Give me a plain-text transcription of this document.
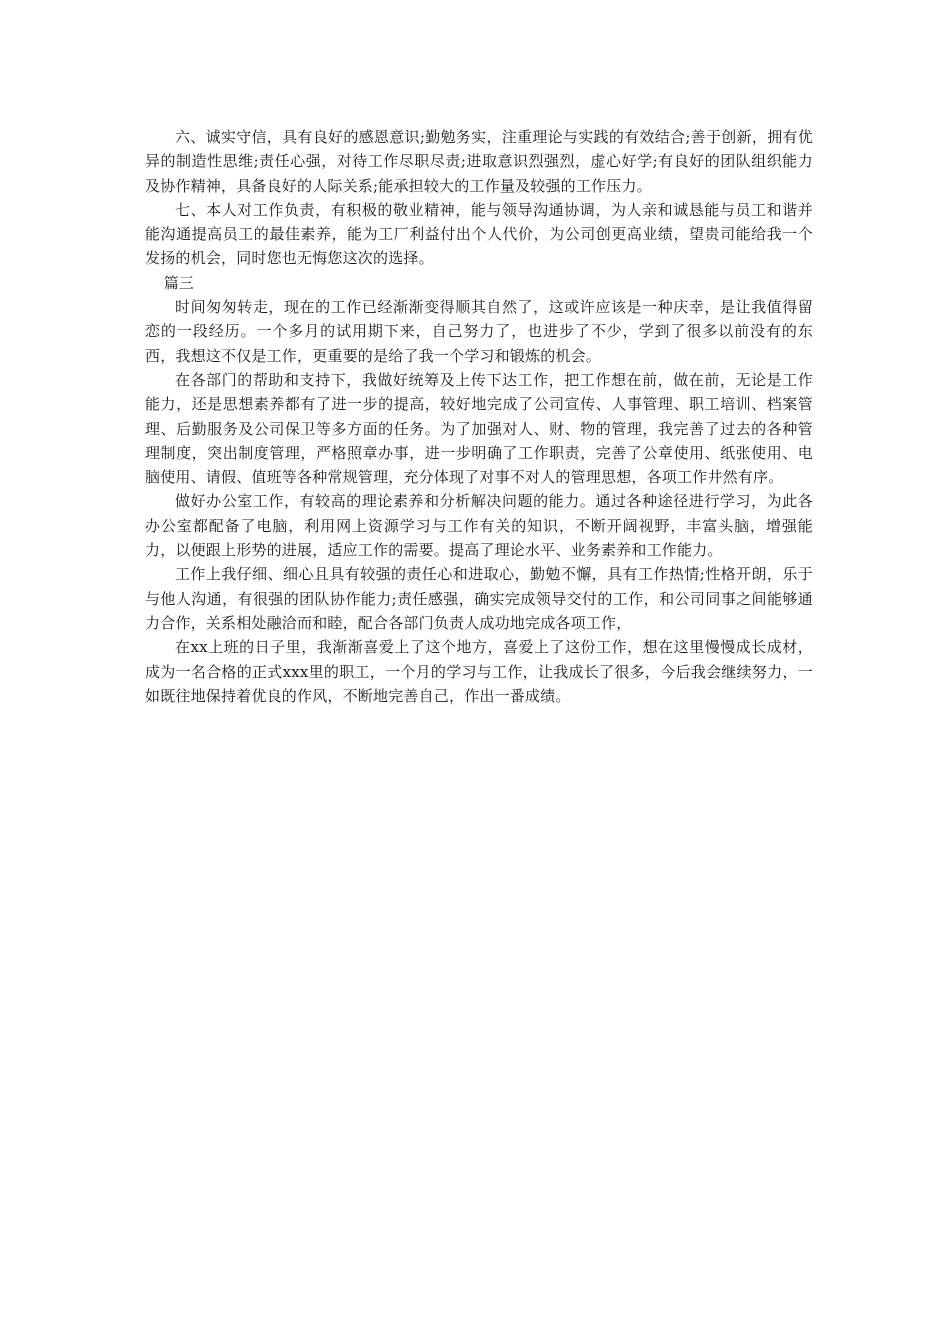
六、诚实守信，具有良好的感恩意识;勤勉务实，注重理论与实践的有效结合;善于创新，拥有优异的制造性思维;责任心强，对待工作尽职尽责;进取意识烈强烈，虚心好学;有良好的团队组织能力及协作精神，具备良好的人际关系;能承担较大的工作量及较强的工作压力。

七、本人对工作负责，有积极的敬业精神，能与领导沟通协调，为人亲和诚恳能与员工和谐并能沟通提高员工的最佳素养，能为工厂利益付出个人代价，为公司创更高业绩，望贵司能给我一个发扬的机会，同时您也无悔您这次的选择。

篇三

时间匆匆转走，现在的工作已经渐渐变得顺其自然了，这或许应该是一种庆幸，是让我值得留恋的一段经历。一个多月的试用期下来，自己努力了，也进步了不少，学到了很多以前没有的东西，我想这不仅是工作，更重要的是给了我一个学习和锻炼的机会。

在各部门的帮助和支持下，我做好统筹及上传下达工作，把工作想在前，做在前，无论是工作能力，还是思想素养都有了进一步的提高，较好地完成了公司宣传、人事管理、职工培训、档案管理、后勤服务及公司保卫等多方面的任务。为了加强对人、财、物的管理，我完善了过去的各种管理制度，突出制度管理，严格照章办事，进一步明确了工作职责，完善了公章使用、纸张使用、电脑使用、请假、值班等各种常规管理，充分体现了对事不对人的管理思想，各项工作井然有序。

做好办公室工作，有较高的理论素养和分析解决问题的能力。通过各种途径进行学习，为此各办公室都配备了电脑，利用网上资源学习与工作有关的知识，不断开阔视野，丰富头脑，增强能力，以便跟上形势的进展，适应工作的需要。提高了理论水平、业务素养和工作能力。

工作上我仔细、细心且具有较强的责任心和进取心，勤勉不懈，具有工作热情;性格开朗，乐于与他人沟通，有很强的团队协作能力;责任感强，确实完成领导交付的工作，和公司同事之间能够通力合作，关系相处融洽而和睦，配合各部门负责人成功地完成各项工作，

在xx上班的日子里，我渐渐喜爱上了这个地方，喜爱上了这份工作，想在这里慢慢成长成材，成为一名合格的正式xxx里的职工，一个月的学习与工作，让我成长了很多，今后我会继续努力，一如既往地保持着优良的作风，不断地完善自己，作出一番成绩。
